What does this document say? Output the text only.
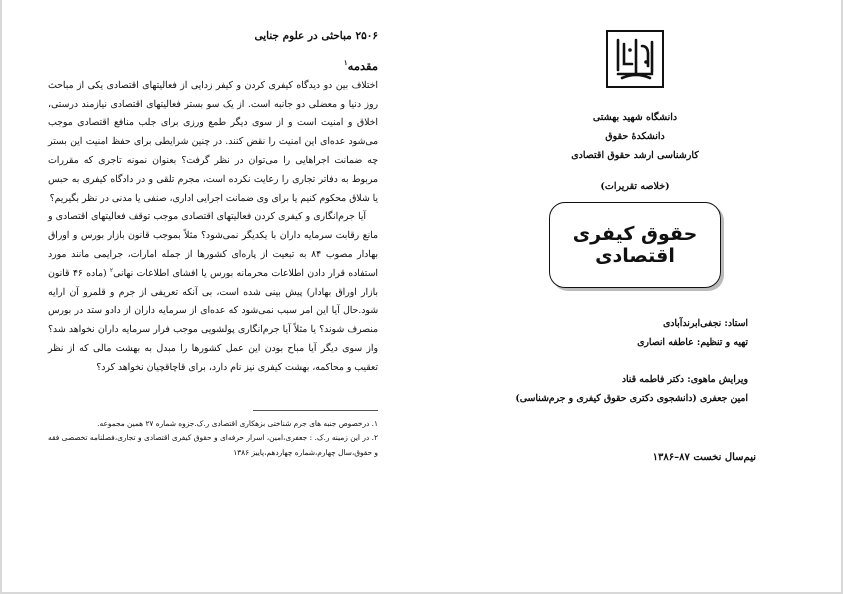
۲۵۰۶ مباحثی در علوم جنایی

مقدمه$^۱$

اختلاف بین دو دیدگاه کیفری کردن و کیفر زدایی از فعالیتهای اقتصادی یکی از مباحث روز دنیا و معضلی دو جانبه است. از یک سو بستر فعالیتهای اقتصادی نیازمند درستی، اخلاق و امنیت است و از سوی دیگر طمع ورزی برای جلب منافع اقتصادی موجب می‌شود عده‌ای این امنیت را نقض کنند. در چنین شرایطی برای حفظ امنیت این بستر چه ضمانت اجراهایی را می‌توان در نظر گرفت؟ بعنوان نمونه تاجری که مقررات مربوط به دفاتر تجاری را رعایت نکرده است، مجرم تلقی و در دادگاه کیفری به حبس یا شلاق محکوم کنیم یا برای وی ضمانت اجرایی اداری، صنفی یا مدنی در نظر بگیریم؟

آیا جرم‌انگاری و کیفری کردن فعالیتهای اقتصادی موجب توقف فعالیتهای اقتصادی و مانع رقابت سرمایه داران با یکدیگر نمی‌شود؟ مثلاً بموجب قانون بازار بورس و اوراق بهادار مصوب ۸۴ به تبعیت از پاره‌ای کشورها از جمله امارات، جرایمی مانند مورد استفاده قرار دادن اطلاعات محرمانه بورس یا افشای اطلاعات نهانی$^۲$ (ماده ۴۶ قانون بازار اوراق بهادار) پیش بینی شده است، بی آنکه تعریفی از جرم و قلمرو آن ارایه شود.حال آیا این امر سبب نمی‌شود که عده‌ای از سرمایه داران از دادو ستد در بورس منصرف شوند؟ یا مثلاً آیا جرم‌انگاری پولشویی موجب فرار سرمایه داران نخواهد شد؟ واز سوی دیگر آیا مباح بودن این عمل کشورها را مبدل به بهشت مالی که از نظر تعقیب و محاکمه، بهشت کیفری نیز نام دارد، برای قاچاقچیان نخواهد کرد؟

۱. درخصوص جنبه های جرم شناختی بزهکاری اقتصادی ر.ک.جزوه شماره ۲۷ همین مجموعه.

۲. در این زمینه ر.ک. : جعفری،امین، اسرار حرفه‌ای و حقوق کیفری اقتصادی و تجاری،فصلنامه تخصصی فقه و حقوق،سال چهارم،شماره چهاردهم،پاییز ۱۳۸۶

دانشگاه شهید بهشتی

دانشکدهٔ حقوق

کارشناسی ارشد حقوق اقتصادی

(خلاصه تقریرات)

حقوق کیفری اقتصادی

استاد: نجفی‌ابرندآبادی

تهیه و تنظیم: عاطفه انصاری

ویرایش ماهوی: دکتر فاطمه قناد

امین جعفری (دانشجوی دکتری حقوق کیفری و جرم‌شناسی)

نیم‌سال نخست ۸۷–۱۳۸۶
